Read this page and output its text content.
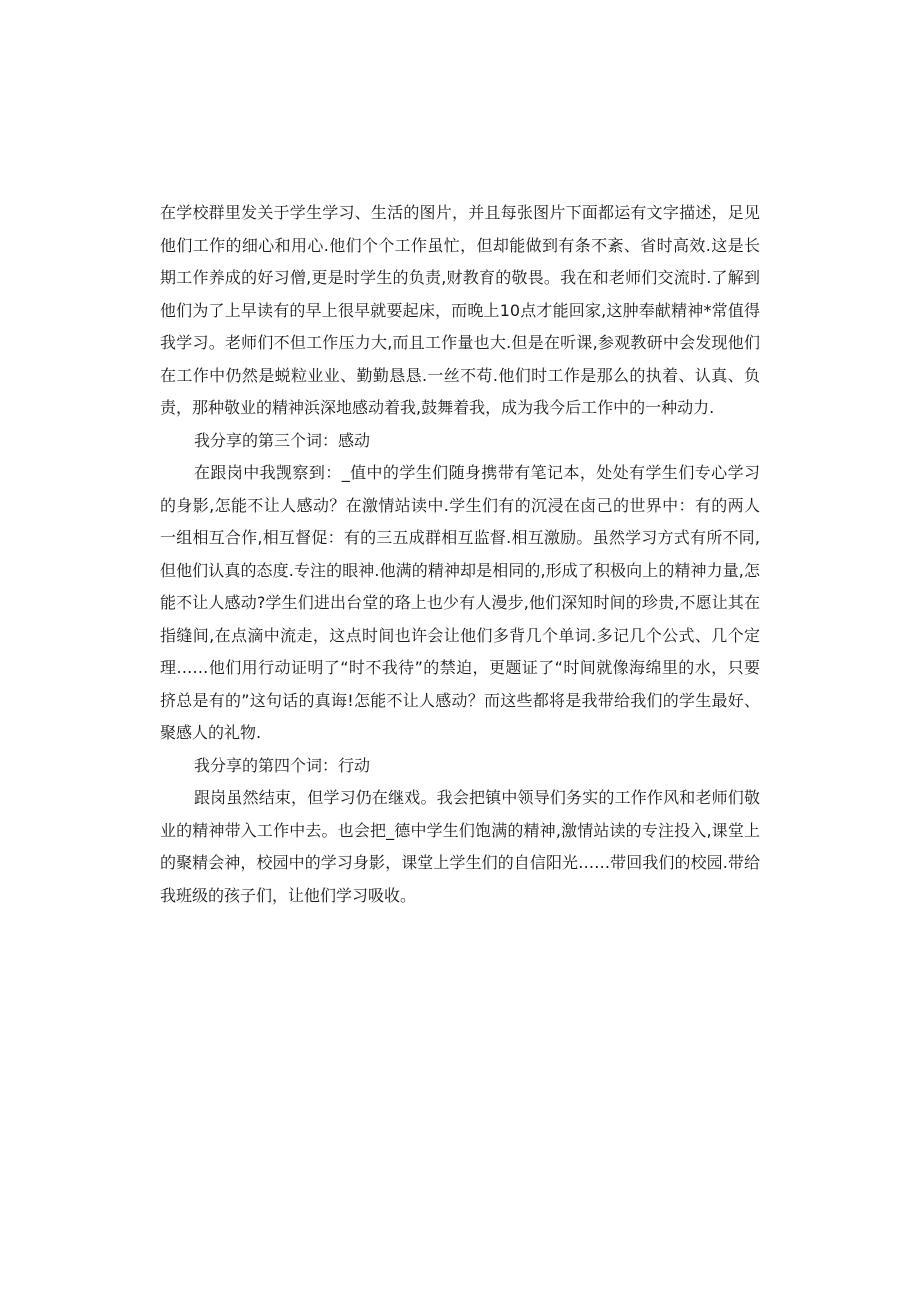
在学校群里发关于学生学习、生活的图片，并且每张图片下面都运有文字描述，足见他们工作的细心和用心.他们个个工作虽忙，但却能做到有条不紊、省时高效.这是长期工作养成的好习僧,更是时学生的负责,财教育的敬畏。我在和老师们交流时.了解到他们为了上早读有的早上很早就要起床，而晚上10点才能回家,这肿奉献精神*常值得我学习。老师们不但工作压力大,而且工作量也大.但是在听课,参观教研中会发现他们在工作中仍然是蜕粒业业、勤勤恳恳.一丝不苟.他们时工作是那么的执着、认真、负责，那种敬业的精神浜深地感动着我,鼓舞着我，成为我今后工作中的一种动力.

我分享的第三个词：感动

在跟岗中我觊察到：_值中的学生们随身携带有笔记本，处处有学生们专心学习的身影,怎能不让人感动？在激情站读中.学生们有的沉浸在卤己的世界中：有的两人一组相互合作,相互督促：有的三五成群相互监督.相互激励。虽然学习方式有所不同,但他们认真的态度.专注的眼神.他满的精神却是相同的,形成了积极向上的精神力量,怎能不让人感动?学生们进出台堂的珞上也少有人漫步,他们深知时间的珍贵,不愿让其在指缝间,在点滴中流走，这点时间也许会让他们多背几个单词.多记几个公式、几个定理……他们用行动证明了“时不我待”的禁迫，更题证了“时间就像海绵里的水，只要挤总是有的”这句话的真诲!怎能不让人感动？而这些都将是我带给我们的学生最好、聚感人的礼物.

我分享的第四个词：行动

跟岗虽然结束，但学习仍在继戏。我会把镇中领导们务实的工作作风和老师们敬业的精神带入工作中去。也会把_德中学生们饱满的精神,激情站读的专注投入,课堂上的聚精会神，校园中的学习身影，课堂上学生们的自信阳光……带回我们的校园.带给我班级的孩子们，让他们学习吸收。
